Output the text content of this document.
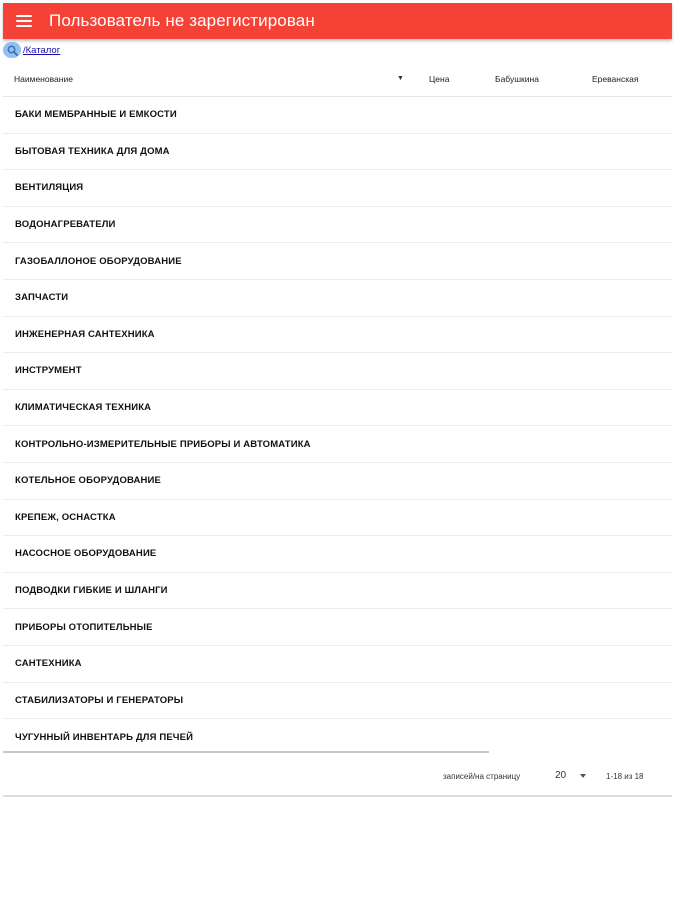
Пользователь не зарегистирован
/Каталог
Наименование	▼	Цена	Бабушкина	Ереванская
БАКИ МЕМБРАННЫЕ И ЕМКОСТИ
БЫТОВАЯ ТЕХНИКА ДЛЯ ДОМА
ВЕНТИЛЯЦИЯ
ВОДОНАГРЕВАТЕЛИ
ГАЗОБАЛЛОНОЕ ОБОРУДОВАНИЕ
ЗАПЧАСТИ
ИНЖЕНЕРНАЯ САНТЕХНИКА
ИНСТРУМЕНТ
КЛИМАТИЧЕСКАЯ ТЕХНИКА
КОНТРОЛЬНО-ИЗМЕРИТЕЛЬНЫЕ ПРИБОРЫ И АВТОМАТИКА
КОТЕЛЬНОЕ ОБОРУДОВАНИЕ
КРЕПЕЖ, ОСНАСТКА
НАСОСНОЕ ОБОРУДОВАНИЕ
ПОДВОДКИ ГИБКИЕ И ШЛАНГИ
ПРИБОРЫ ОТОПИТЕЛЬНЫЕ
САНТЕХНИКА
СТАБИЛИЗАТОРЫ И ГЕНЕРАТОРЫ
ЧУГУННЫЙ ИНВЕНТАРЬ ДЛЯ ПЕЧЕЙ
записей/на страницу	20	1-18 из 18
